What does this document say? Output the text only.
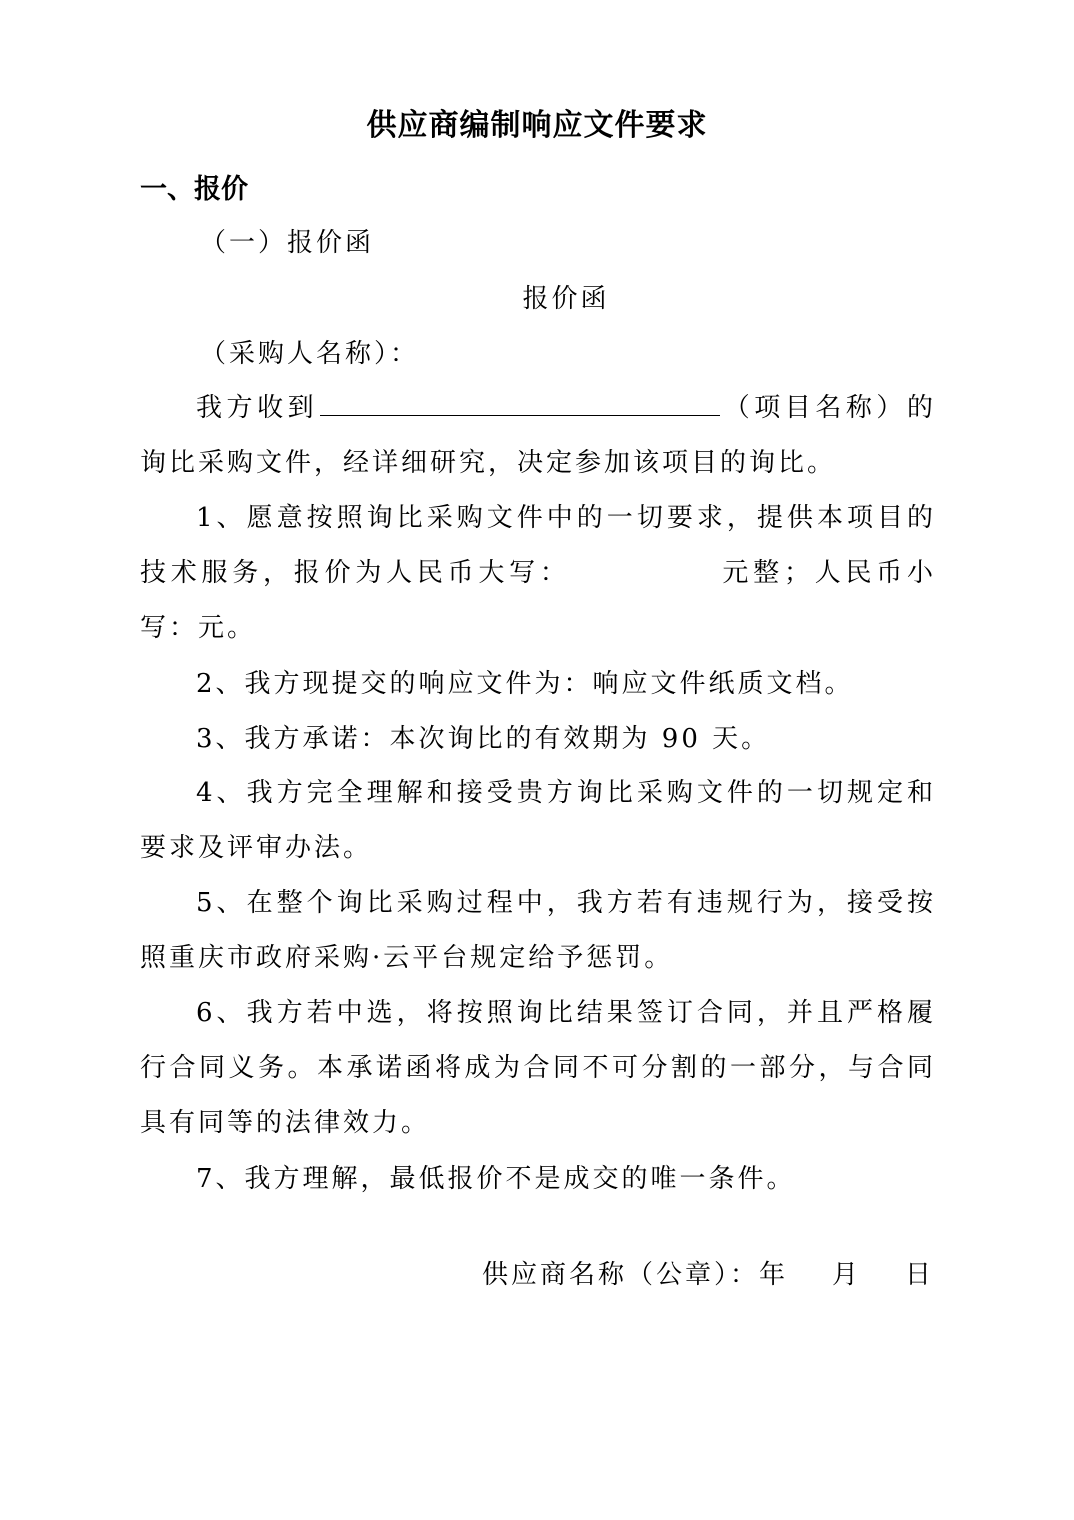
供应商编制响应文件要求
一、报价
（一）报价函
报价函
（采购人名称）：
我方收到	（项目名称）的询比采购文件，经详细研究，决定参加该项目的询比。
1、愿意按照询比采购文件中的一切要求，提供本项目的技术服务，报价为人民币大写：	元整；人民币小写：元。
2、我方现提交的响应文件为：响应文件纸质文档。
3、我方承诺：本次询比的有效期为 90 天。
4、我方完全理解和接受贵方询比采购文件的一切规定和要求及评审办法。
5、在整个询比采购过程中，我方若有违规行为，接受按照重庆市政府采购·云平台规定给予惩罚。
6、我方若中选，将按照询比结果签订合同，并且严格履行合同义务。本承诺函将成为合同不可分割的一部分，与合同具有同等的法律效力。
7、我方理解，最低报价不是成交的唯一条件。
供应商名称（公章）：年 月 日
